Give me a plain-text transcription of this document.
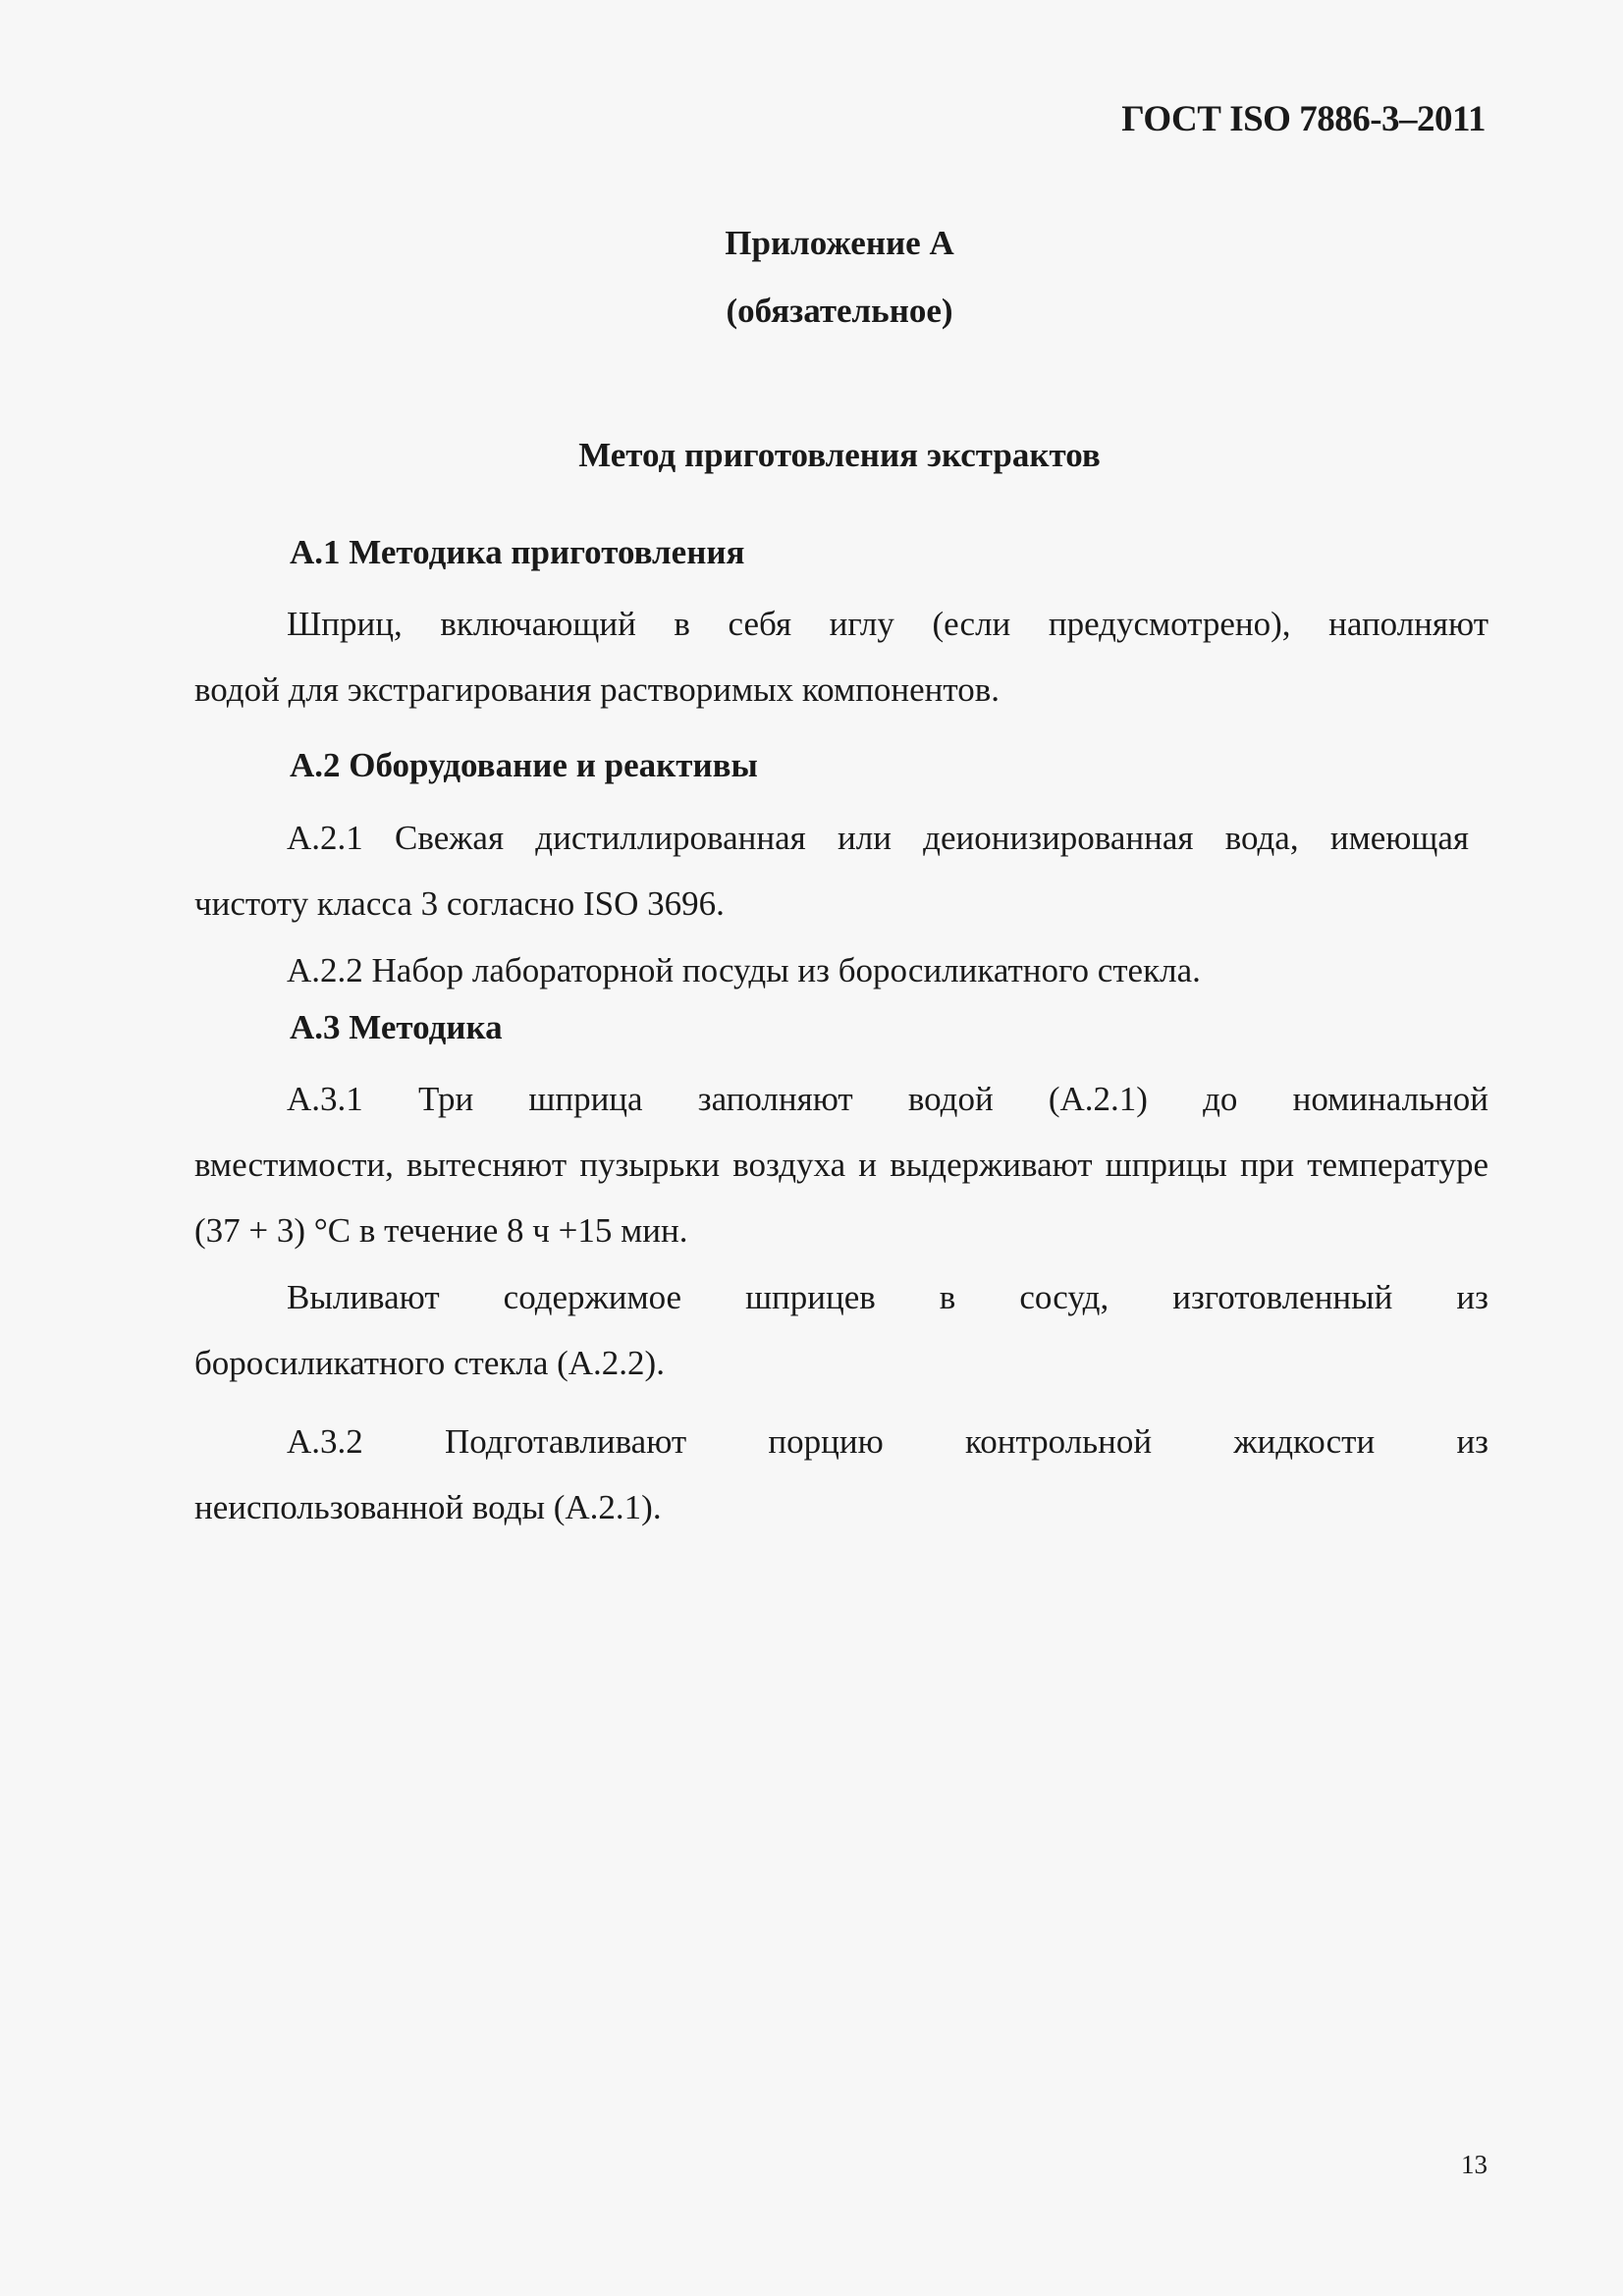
ГОСТ ISO 7886-3–2011
Приложение А
(обязательное)
Метод приготовления экстрактов
А.1 Методика приготовления
Шприц, включающий в себя иглу (если предусмотрено), наполняют
водой для экстрагирования растворимых компонентов.
А.2 Оборудование и реактивы
А.2.1 Свежая дистиллированная или деионизированная вода, имеющая
чистоту класса 3 согласно ISO 3696.
А.2.2 Набор лабораторной посуды из боросиликатного стекла.
А.3 Методика
А.3.1 Три шприца заполняют водой (А.2.1) до номинальной
вместимости, вытесняют пузырьки воздуха и выдерживают шприцы при температуре (37 + 3) °С в течение 8 ч +15 мин.
Выливают содержимое шприцев в сосуд, изготовленный из
боросиликатного стекла (А.2.2).
А.3.2 Подготавливают порцию контрольной жидкости из
неиспользованной воды (А.2.1).
13
